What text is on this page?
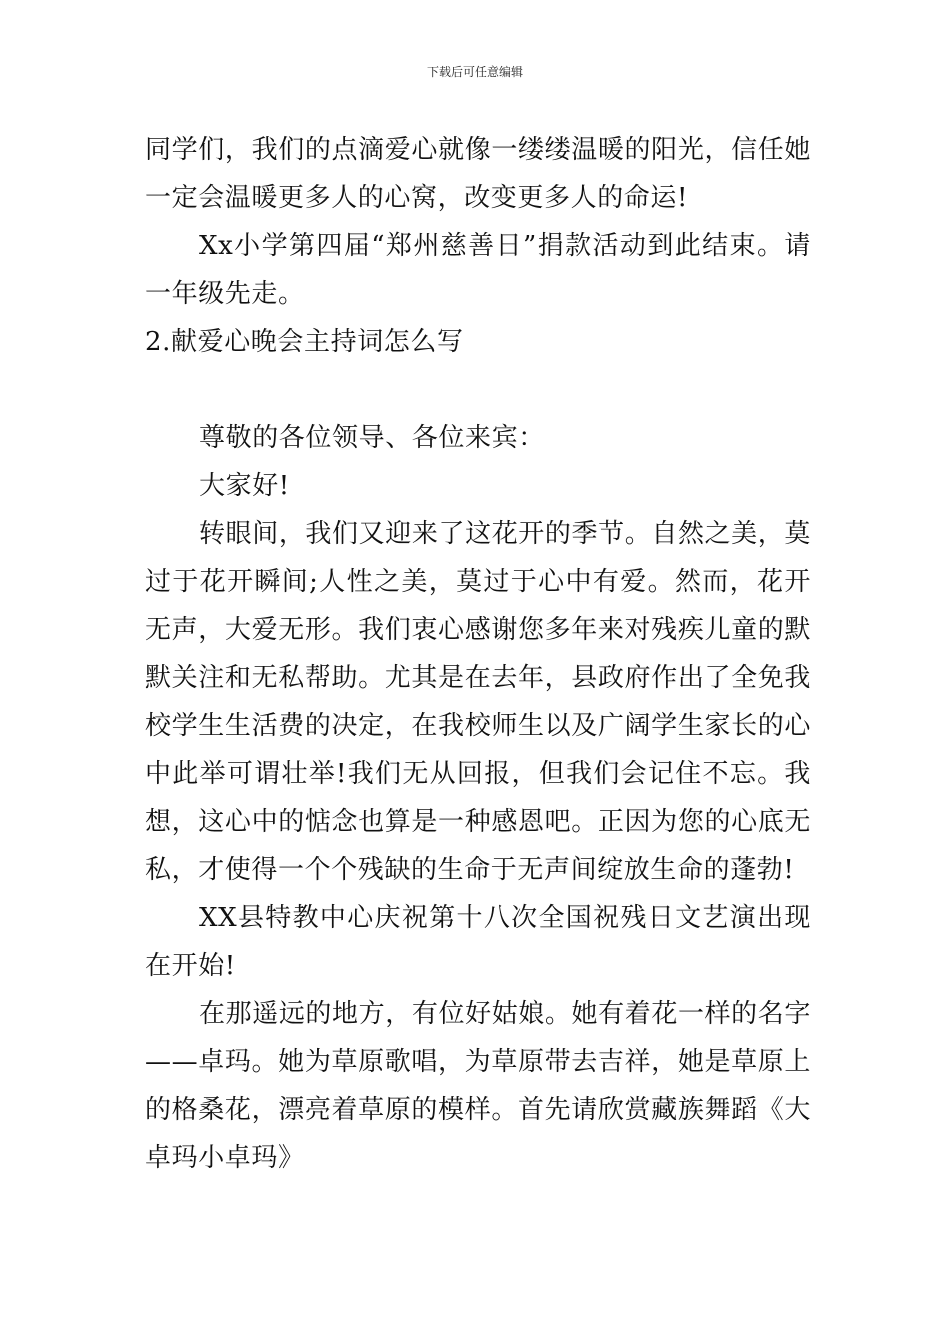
下载后可任意编辑

同学们，我们的点滴爱心就像一缕缕温暖的阳光，信任她一定会温暖更多人的心窝，改变更多人的命运!

Xx小学第四届“郑州慈善日”捐款活动到此结束。请一年级先走。

2.献爱心晚会主持词怎么写

尊敬的各位领导、各位来宾：

大家好!

转眼间，我们又迎来了这花开的季节。自然之美，莫过于花开瞬间;人性之美，莫过于心中有爱。然而，花开无声，大爱无形。我们衷心感谢您多年来对残疾儿童的默默关注和无私帮助。尤其是在去年，县政府作出了全免我校学生生活费的决定，在我校师生以及广阔学生家长的心中此举可谓壮举!我们无从回报，但我们会记住不忘。我想，这心中的惦念也算是一种感恩吧。正因为您的心底无私，才使得一个个残缺的生命于无声间绽放生命的蓬勃!

XX县特教中心庆祝第十八次全国祝残日文艺演出现在开始!

在那遥远的地方，有位好姑娘。她有着花一样的名字——卓玛。她为草原歌唱，为草原带去吉祥，她是草原上的格桑花，漂亮着草原的模样。首先请欣赏藏族舞蹈《大卓玛小卓玛》
